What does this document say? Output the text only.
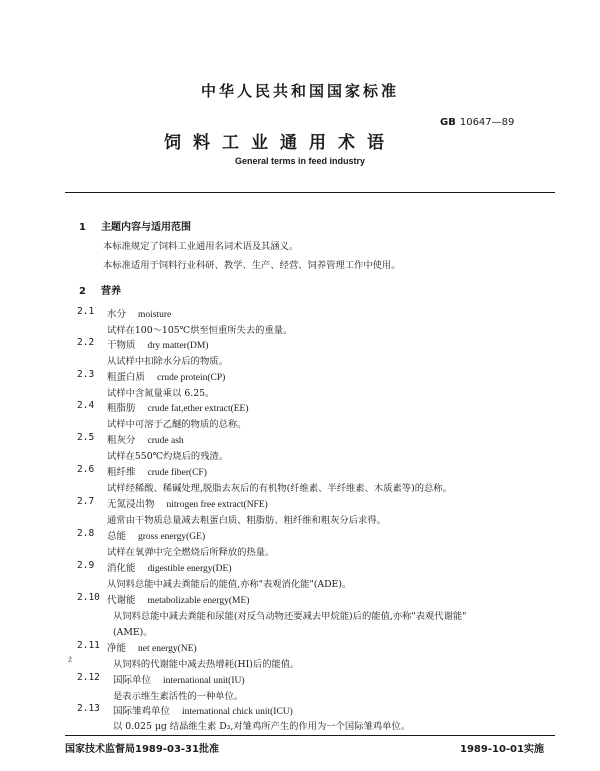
中华人民共和国国家标准
GB 10647—89
饲料工业通用术语
General terms in feed industry
1 主题内容与适用范围
本标准规定了饲料工业通用名词术语及其涵义。
本标准适用于饲料行业科研、教学、生产、经营、饲养管理工作中使用。
2 营养
2.1	水分 moisture
试样在100～105℃烘至恒重所失去的重量。
2.2	干物质 dry matter(DM)
从试样中扣除水分后的物质。
2.3	粗蛋白质 crude protein(CP)
试样中含氮量乘以 6.25。
2.4	粗脂肪 crude fat,ether extract(EE)
试样中可溶于乙醚的物质的总称。
2.5	粗灰分 crude ash
试样在550℃灼烧后的残渣。
2.6	粗纤维 crude fiber(CF)
试样经稀酸、稀碱处理,脱脂去灰后的有机物(纤维素、半纤维素、木质素等)的总称。
2.7	无氮浸出物 nitrogen free extract(NFE)
通常由干物质总量减去粗蛋白质、粗脂肪、粗纤维和粗灰分后求得。
2.8	总能 gross energy(GE)
试样在氧弹中完全燃烧后所释放的热量。
2.9	消化能 digestible energy(DE)
从饲料总能中减去粪能后的能值,亦称"表观消化能"(ADE)。
2.10 代谢能 metabolizable energy(ME)
从饲料总能中减去粪能和尿能(对反刍动物还要减去甲烷能)后的能值,亦称"表观代谢能"
(AME)。
2.11 净能 net energy(NE)
ż	从饲料的代谢能中减去热增耗(HI)后的能值。
2.12	国际单位 international unit(IU)
是表示维生素活性的一种单位。
2.13	国际雏鸡单位 international chick unit(ICU)
以 0.025 μg 结晶维生素 D₃,对雏鸡所产生的作用为一个国际雏鸡单位。
国家技术监督局1989-03-31批准	1989-10-01实施
